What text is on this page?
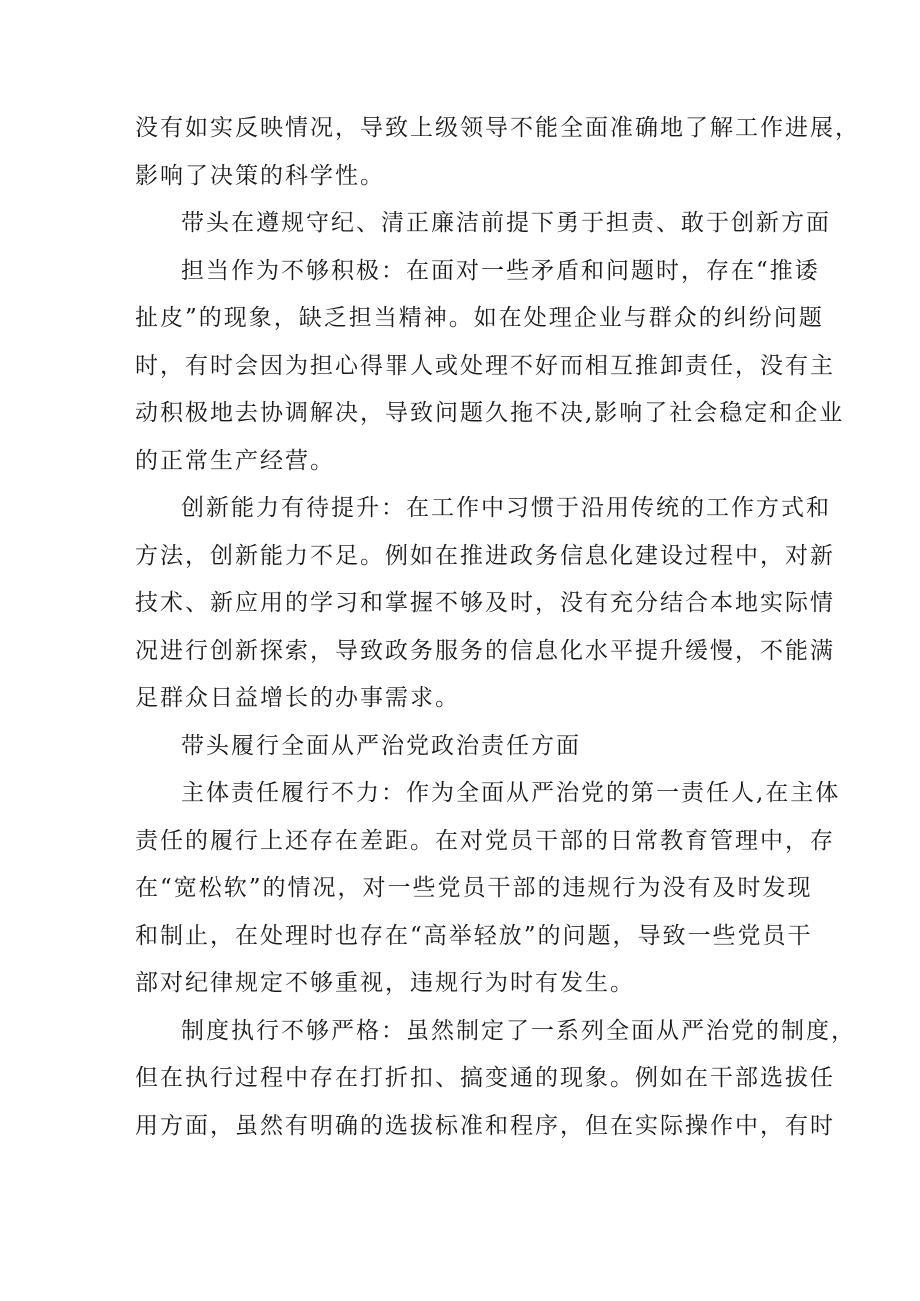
没有如实反映情况，导致上级领导不能全面准确地了解工作进展，
影响了决策的科学性。

带头在遵规守纪、清正廉洁前提下勇于担责、敢于创新方面

担当作为不够积极：在面对一些矛盾和问题时，存在“推诿
扯皮”的现象，缺乏担当精神。如在处理企业与群众的纠纷问题
时，有时会因为担心得罪人或处理不好而相互推卸责任，没有主
动积极地去协调解决，导致问题久拖不决,影响了社会稳定和企业
的正常生产经营。

创新能力有待提升：在工作中习惯于沿用传统的工作方式和
方法，创新能力不足。例如在推进政务信息化建设过程中，对新
技术、新应用的学习和掌握不够及时，没有充分结合本地实际情
况进行创新探索，导致政务服务的信息化水平提升缓慢，不能满
足群众日益增长的办事需求。

带头履行全面从严治党政治责任方面

主体责任履行不力：作为全面从严治党的第一责任人,在主体
责任的履行上还存在差距。在对党员干部的日常教育管理中，存
在“宽松软”的情况，对一些党员干部的违规行为没有及时发现
和制止，在处理时也存在“高举轻放”的问题，导致一些党员干
部对纪律规定不够重视，违规行为时有发生。

制度执行不够严格：虽然制定了一系列全面从严治党的制度，
但在执行过程中存在打折扣、搞变通的现象。例如在干部选拔任
用方面，虽然有明确的选拔标准和程序，但在实际操作中，有时
